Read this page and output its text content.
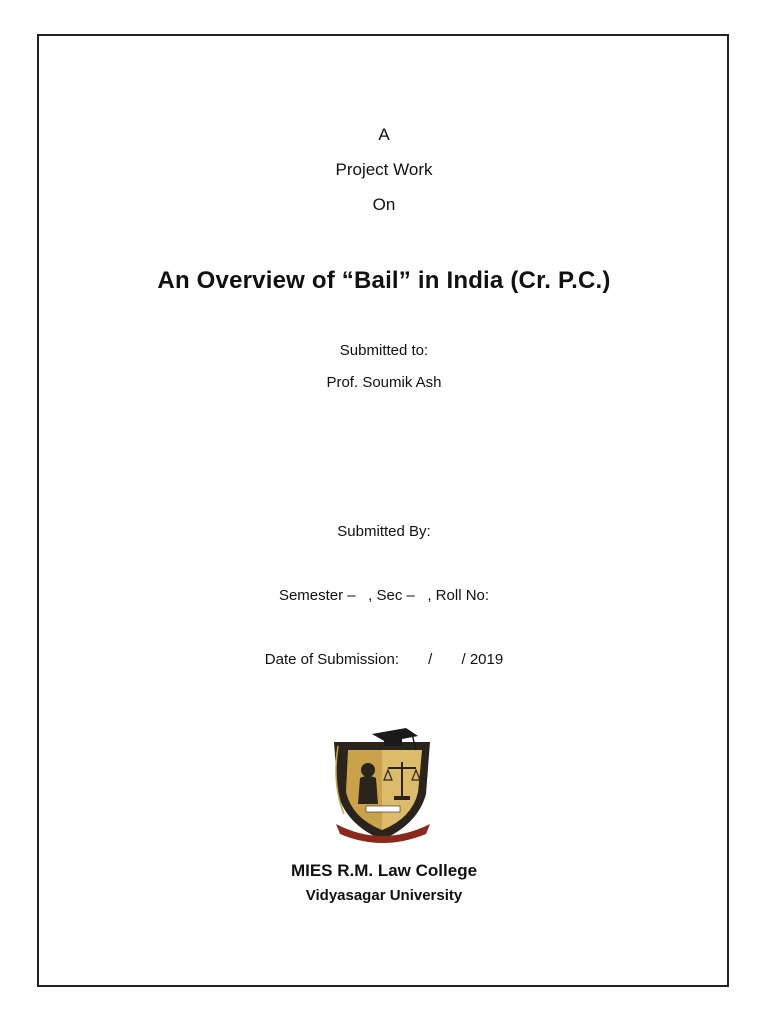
A
Project Work
On
An Overview of “Bail” in India (Cr. P.C.)
Submitted to:
Prof. Soumik Ash
Submitted By:
Semester –   , Sec –   , Roll No:
Date of Submission:       /       / 2019
MIES R.M. Law College
Vidyasagar University
